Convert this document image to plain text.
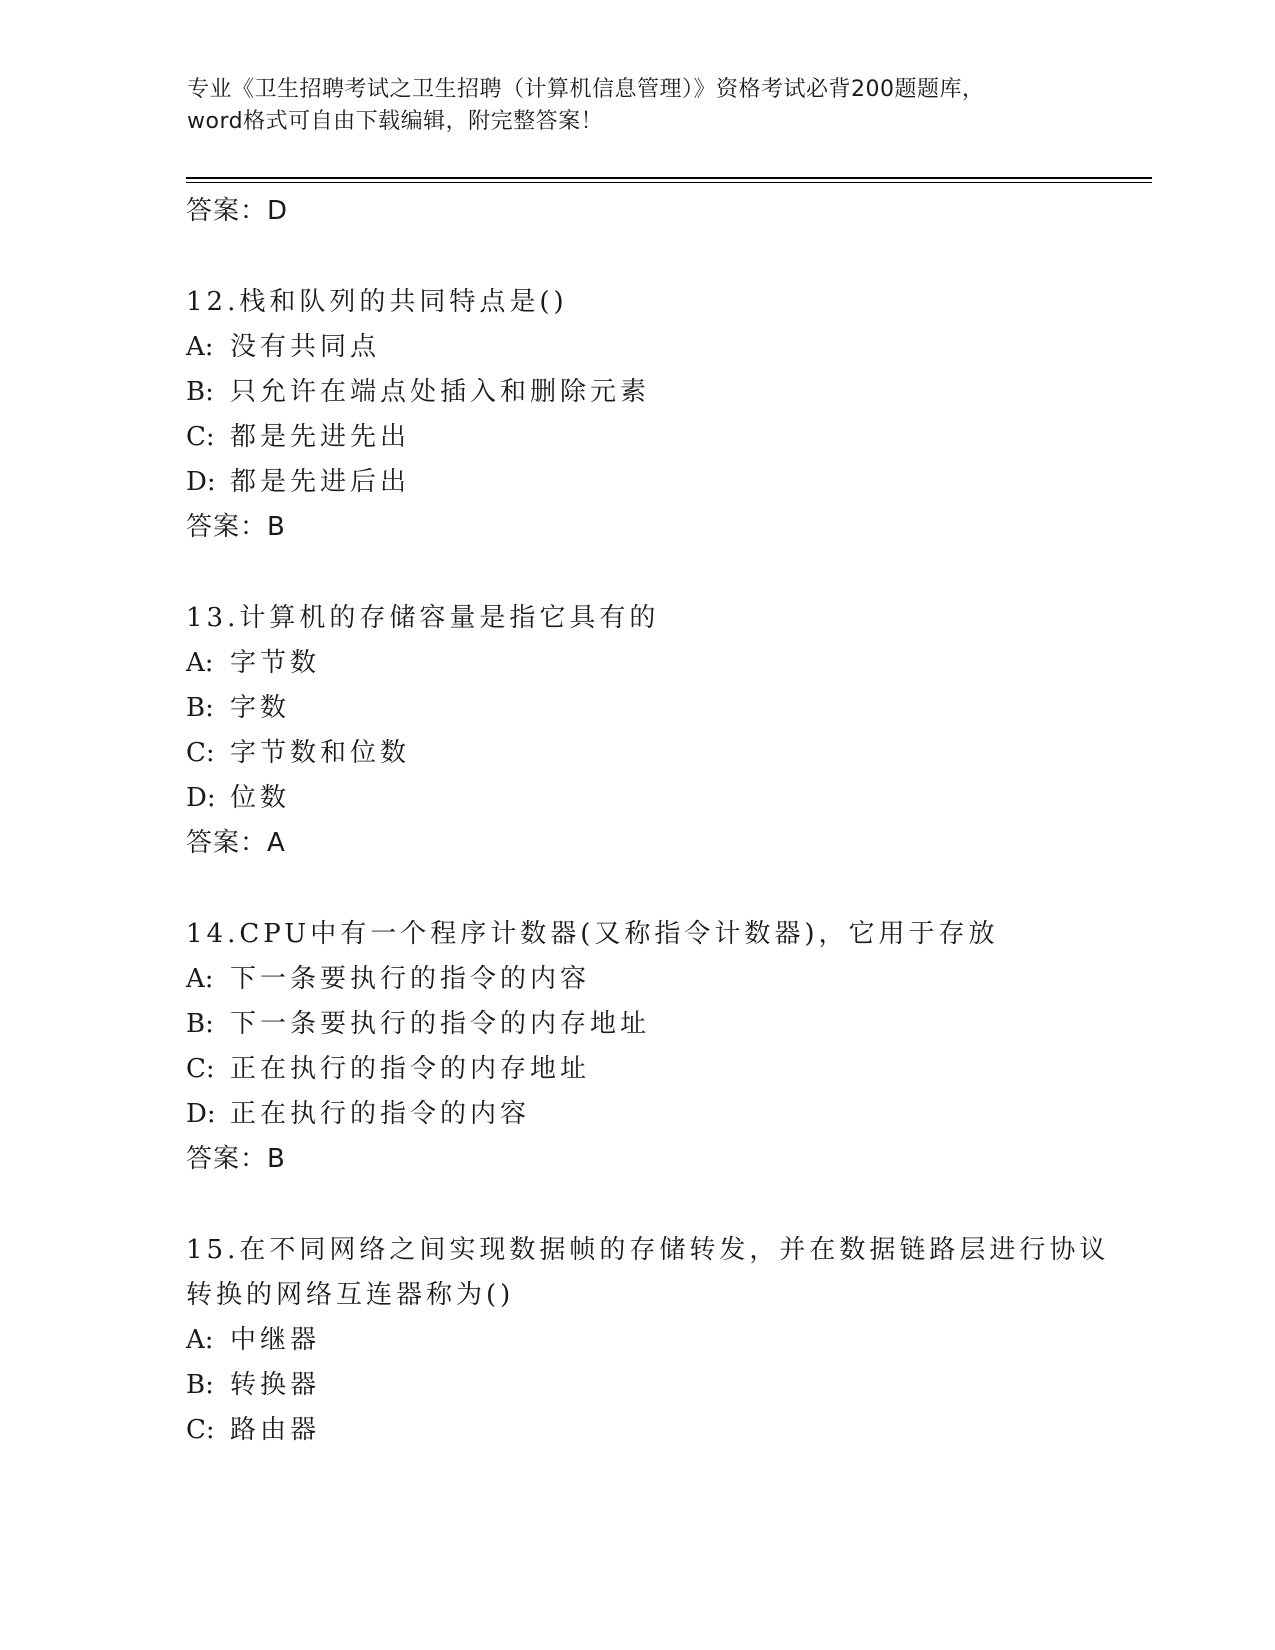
专业《卫生招聘考试之卫生招聘（计算机信息管理）》资格考试必背200题题库，
word格式可自由下载编辑，附完整答案！

答案：D

12.栈和队列的共同特点是()

A: 没有共同点

B: 只允许在端点处插入和删除元素

C: 都是先进先出

D: 都是先进后出

答案：B

13.计算机的存储容量是指它具有的

A: 字节数

B: 字数

C: 字节数和位数

D: 位数

答案：A

14.CPU中有一个程序计数器(又称指令计数器)，它用于存放

A: 下一条要执行的指令的内容

B: 下一条要执行的指令的内存地址

C: 正在执行的指令的内存地址

D: 正在执行的指令的内容

答案：B

15.在不同网络之间实现数据帧的存储转发，并在数据链路层进行协议

转换的网络互连器称为()

A: 中继器

B: 转换器

C: 路由器
